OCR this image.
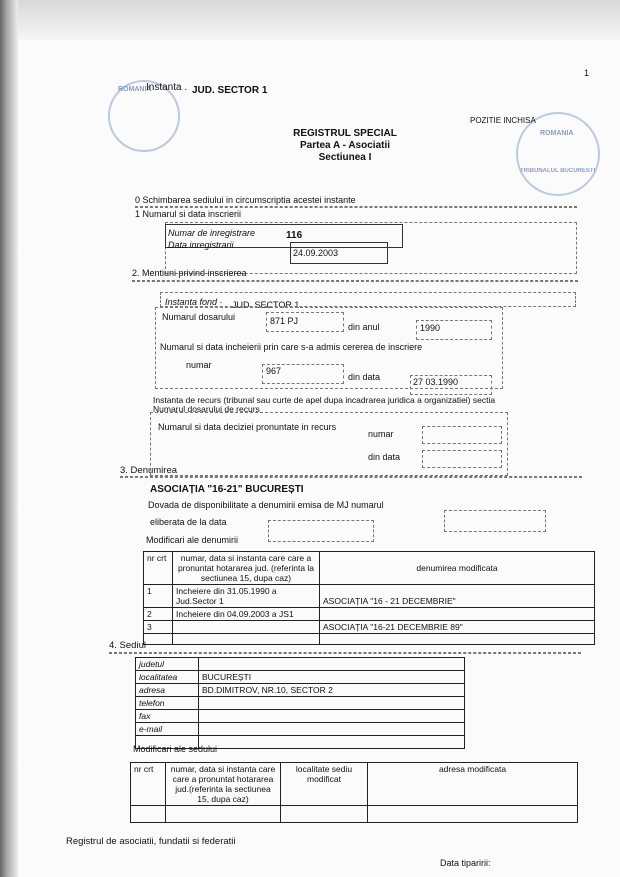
ROMANIA
ROMANIA
TRIBUNALUL BUCURESTI
1
Instanta . JUD. SECTOR 1
POZITIE INCHISA
REGISTRUL SPECIAL
Partea A - Asociatii
Sectiunea I
0 Schimbarea sediului in circumscriptia acestei instante
1 Numarul si data inscrierii
Numar de inregistrare	116
Data inregistrarii
24.09.2003
2. Mentiuni privind inscrierea
Instanta fond · JUD. SECTOR 1
Numarul dosarului	871 PJ
din anul	1990
Numarul si data incheierii prin care s-a admis cererea de inscriere
numar
967
din data	27 03.1990
Instanta de recurs (tribunal sau curte de apel dupa incadrarea juridica a organizatiei) sectia
Numarul dosarului de recurs
Numarul si data deciziei pronuntate in recurs
numar
din data
3. Denumirea
ASOCIAȚIA "16-21" BUCUREȘTI
Dovada de disponibilitate a denumirii emisa de MJ numarul
eliberata de la data
Modificari ale denumirii
nr crt	numar, data si instanta care care a pronuntat hotararea jud. (referinta la sectiunea 15, dupa caz)	denumirea modificata
1	Incheiere din 31.05.1990 a Jud.Sector 1	ASOCIAȚIA "16 - 21 DECEMBRIE"
2	Incheiere din 04.09.2003 a JS1	
3		ASOCIAȚIA "16-21 DECEMBRIE 89"

4. Sediul
judetul	
localitatea	BUCUREȘTI
adresa	BD.DIMITROV, NR.10, SECTOR 2
telefon	
fax	
e-mail	

Modificari ale sedului
nr crt	numar, data si instanta care care a pronuntat hotararea jud.(referinta la sectiunea 15, dupa caz)	localitate sediu modificat	adresa modificata

Registrul de asociatii, fundatii si federatii
Data tiparirii:
